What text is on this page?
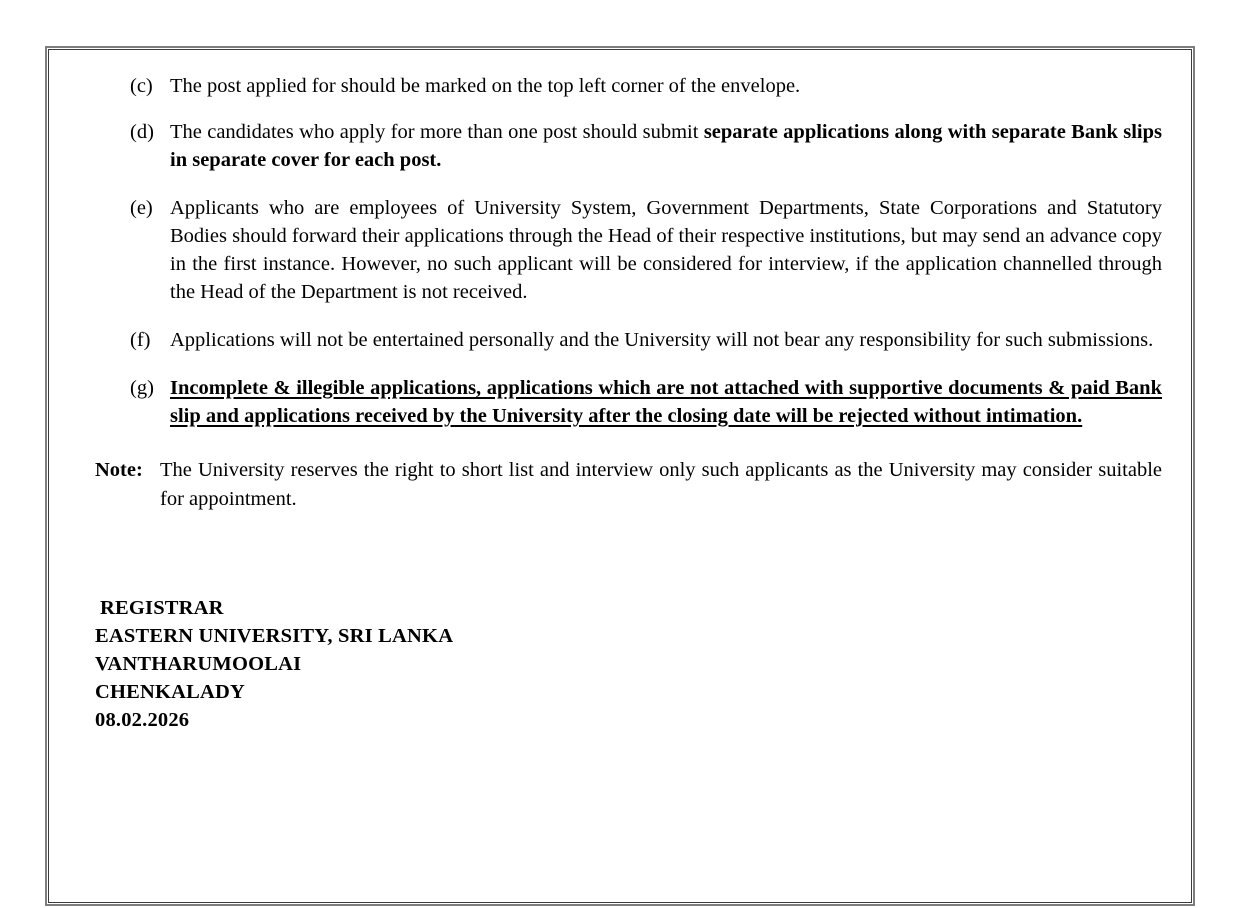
(c) The post applied for should be marked on the top left corner of the envelope.
(d) The candidates who apply for more than one post should submit separate applications along with separate Bank slips in separate cover for each post.
(e) Applicants who are employees of University System, Government Departments, State Corporations and Statutory Bodies should forward their applications through the Head of their respective institutions, but may send an advance copy in the first instance. However, no such applicant will be considered for interview, if the application channelled through the Head of the Department is not received.
(f) Applications will not be entertained personally and the University will not bear any responsibility for such submissions.
(g) Incomplete & illegible applications, applications which are not attached with supportive documents & paid Bank slip and applications received by the University after the closing date will be rejected without intimation.
Note: The University reserves the right to short list and interview only such applicants as the University may consider suitable for appointment.
REGISTRAR
EASTERN UNIVERSITY, SRI LANKA
VANTHARUMOOLAI
CHENKALADY
08.02.2026
